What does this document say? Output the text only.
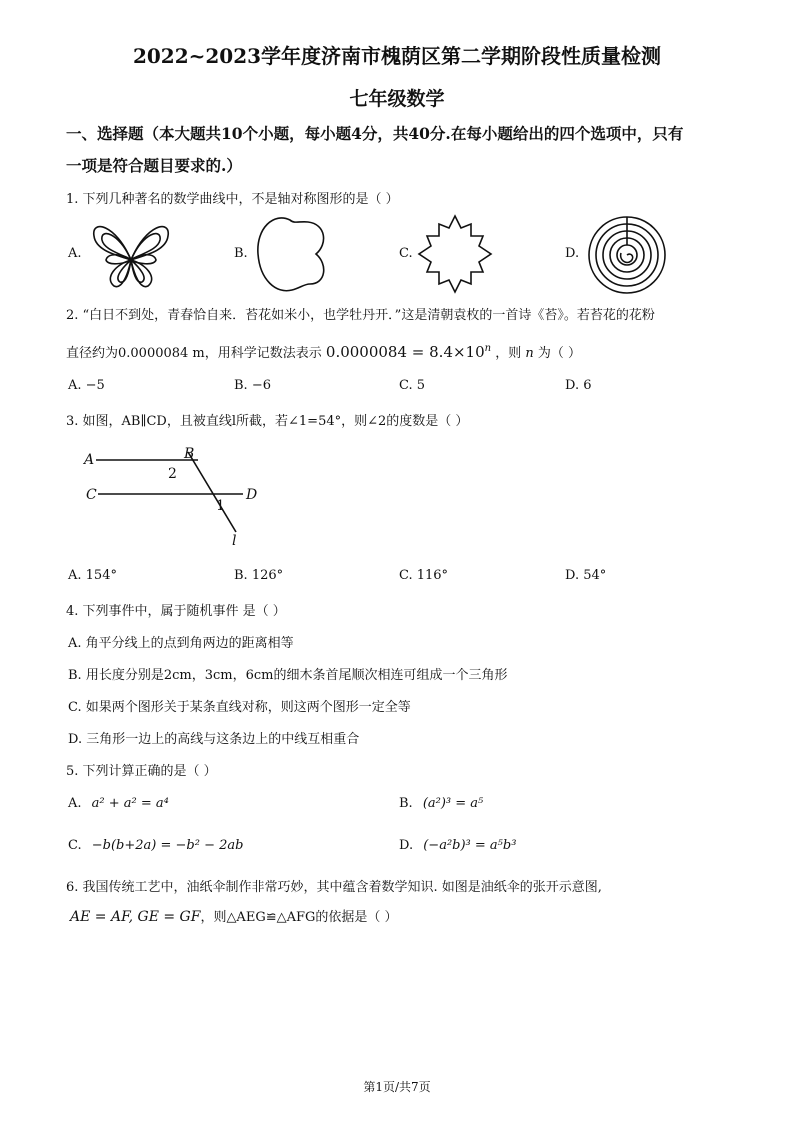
2022~2023学年度济南市槐荫区第二学期阶段性质量检测
七年级数学
一、选择题（本大题共10个小题，每小题4分，共40分.在每小题给出的四个选项中，只有
一项是符合题目要求的.）
1. 下列几种著名的数学曲线中，不是轴对称图形的是（ ）
A.	B.	C.	D.
2. “白日不到处，青春恰自来．苔花如米小，也学牡丹开．”这是清朝袁枚的一首诗《苔》。若苔花的花粉
直径约为0.0000084 m，用科学记数法表示 $0.0000084 = 8.4\times 10^n$ ，则 n 为（ ）
A. −5	B. −6	C. 5	D. 6
3. 如图，AB∥CD，且被直线l所截，若∠1=54°，则∠2的度数是（ ）
A	B
C	D
1
2
l
A. 154°	B. 126°	C. 116°	D. 54°
4. 下列事件中，属于随机事件 是（ ）
A. 角平分线上的点到角两边的距离相等
B. 用长度分别是2cm，3cm，6cm的细木条首尾顺次相连可组成一个三角形
C. 如果两个图形关于某条直线对称，则这两个图形一定全等
D. 三角形一边上的高线与这条边上的中线互相重合
5. 下列计算正确的是（ ）
A. a² + a² = a⁴	B. (a²)³ = a⁵
C. −b(b+2a) = −b² − 2ab	D. (−a²b)³ = a⁵b³
6. 我国传统工艺中，油纸伞制作非常巧妙，其中蕴含着数学知识. 如图是油纸伞的张开示意图,
AE = AF, GE = GF，则△AEG≌△AFG的依据是（ ）
第1页/共7页
